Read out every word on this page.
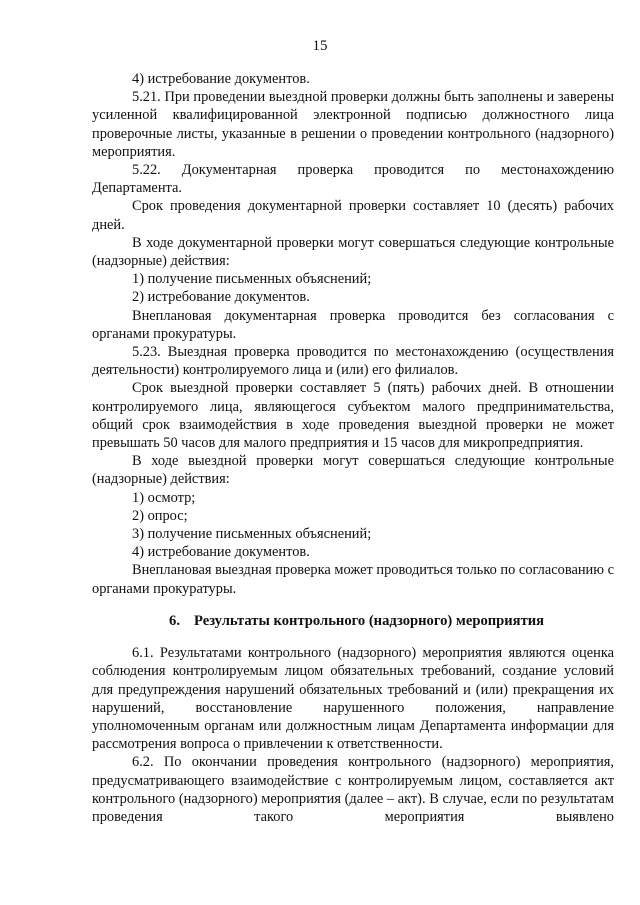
15

4) истребование документов.

5.21. При проведении выездной проверки должны быть заполнены и заверены усиленной квалифицированной электронной подписью должностного лица проверочные листы, указанные в решении о проведении контрольного (надзорного) мероприятия.

5.22. Документарная проверка проводится по местонахождению Департамента.

Срок проведения документарной проверки составляет 10 (десять) рабочих дней.

В ходе документарной проверки могут совершаться следующие контрольные (надзорные) действия:

1) получение письменных объяснений;

2) истребование документов.

Внеплановая документарная проверка проводится без согласования с органами прокуратуры.

5.23. Выездная проверка проводится по местонахождению (осуществления деятельности) контролируемого лица и (или) его филиалов.

Срок выездной проверки составляет 5 (пять) рабочих дней. В отношении контролируемого лица, являющегося субъектом малого предпринимательства, общий срок взаимодействия в ходе проведения выездной проверки не может превышать 50 часов для малого предприятия и 15 часов для микропредприятия.

В ходе выездной проверки могут совершаться следующие контрольные (надзорные) действия:

1) осмотр;

2) опрос;

3) получение письменных объяснений;

4) истребование документов.

Внеплановая выездная проверка может проводиться только по согласованию с органами прокуратуры.

6. Результаты контрольного (надзорного) мероприятия

6.1. Результатами контрольного (надзорного) мероприятия являются оценка соблюдения контролируемым лицом обязательных требований, создание условий для предупреждения нарушений обязательных требований и (или) прекращения их нарушений, восстановление нарушенного положения, направление уполномоченным органам или должностным лицам Департамента информации для рассмотрения вопроса о привлечении к ответственности.

6.2. По окончании проведения контрольного (надзорного) мероприятия, предусматривающего взаимодействие с контролируемым лицом, составляется акт контрольного (надзорного) мероприятия (далее – акт). В случае, если по результатам проведения такого мероприятия выявлено
